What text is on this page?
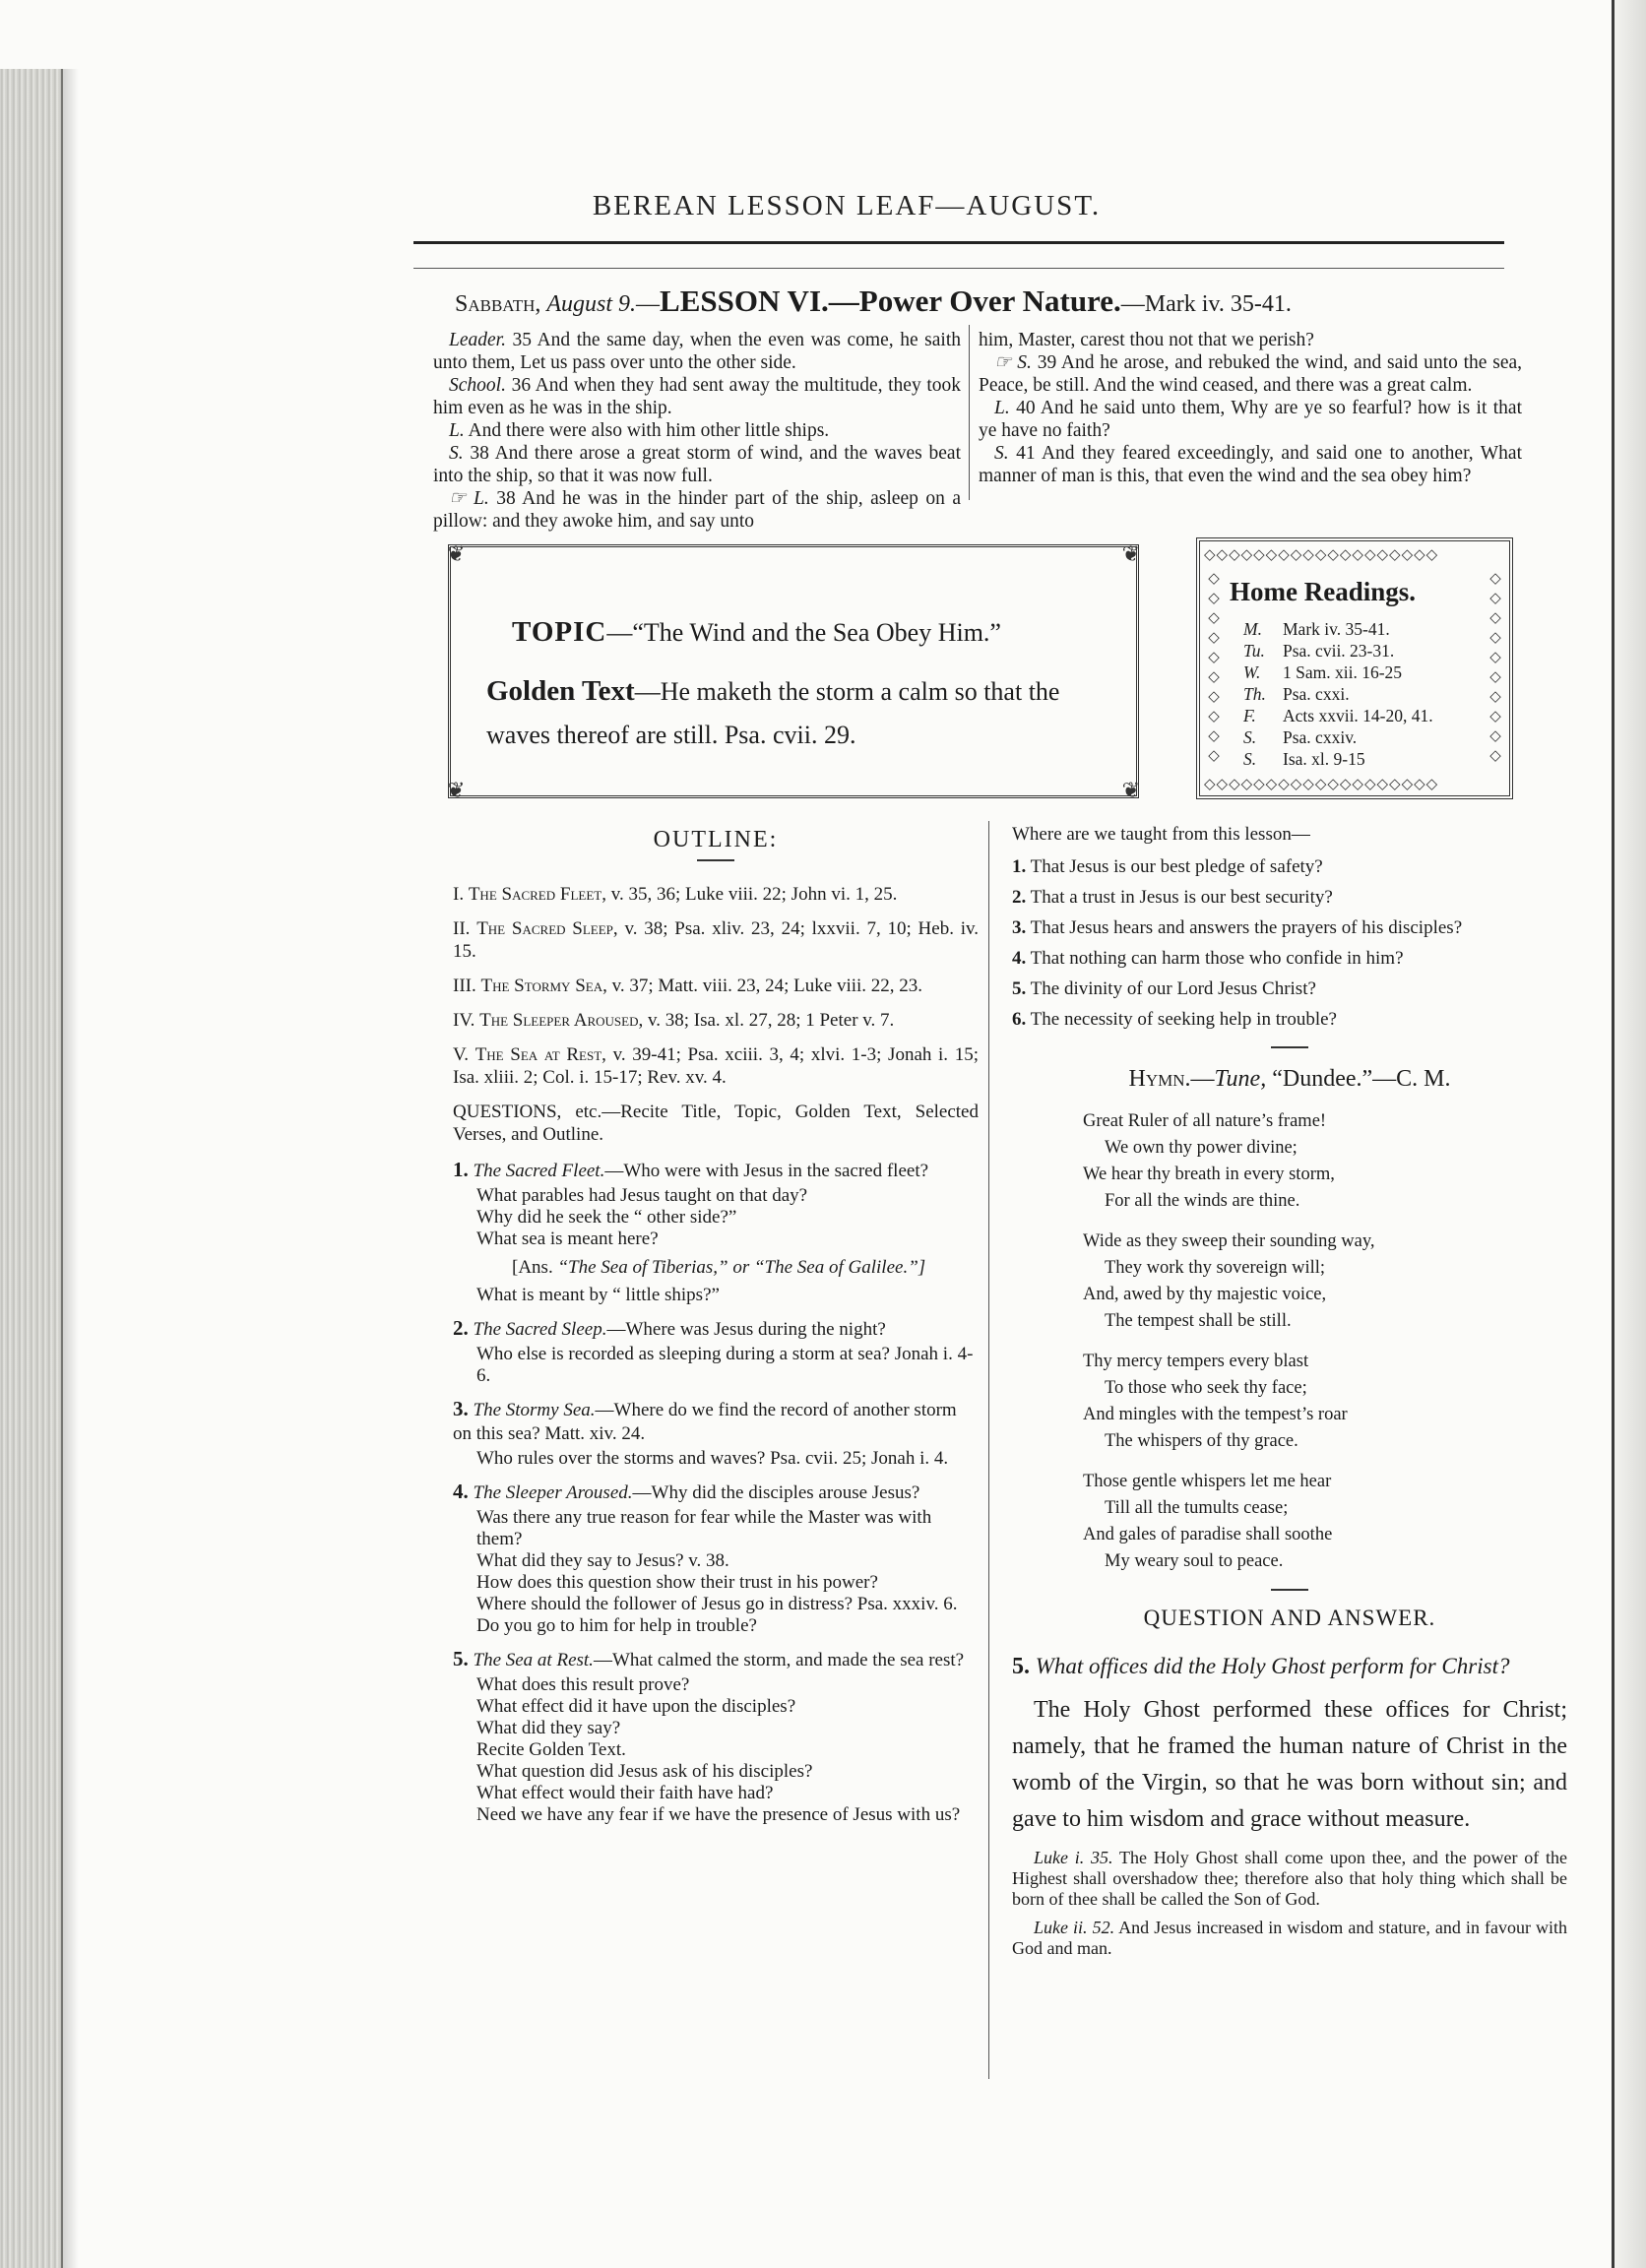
BEREAN LESSON LEAF—AUGUST.
Sabbath, August 9.—LESSON VI.—Power Over Nature.—Mark iv. 35-41.

Leader. 35 And the same day, when the even was come, he saith unto them, Let us pass over unto the other side.

School. 36 And when they had sent away the multitude, they took him even as he was in the ship.

L. And there were also with him other little ships.

S. 38 And there arose a great storm of wind, and the waves beat into the ship, so that it was now full.

☞ L. 38 And he was in the hinder part of the ship, asleep on a pillow: and they awoke him, and say unto

him, Master, carest thou not that we perish?

☞ S. 39 And he arose, and rebuked the wind, and said unto the sea, Peace, be still. And the wind ceased, and there was a great calm.

L. 40 And he said unto them, Why are ye so fearful? how is it that ye have no faith?

S. 41 And they feared exceedingly, and said one to another, What manner of man is this, that even the wind and the sea obey him?

❦	❦
❦	❦
TOPIC—“The Wind and the Sea Obey Him.”
Golden Text—He maketh the storm a calm so that the waves thereof are still. Psa. cvii. 29.
◇◇◇◇◇◇◇◇◇◇◇◇◇◇◇◇◇◇◇
◇◇◇◇◇◇◇◇◇◇◇◇◇◇◇◇◇◇◇
◇
◇
◇
◇
◇
◇
◇
◇
◇
◇
◇
◇
◇
◇
◇
◇
◇
◇
◇
◇
Home Readings.
M. Mark iv. 35-41.
Tu. Psa. cvii. 23-31.
W. 1 Sam. xii. 16-25
Th. Psa. cxxi.
F. Acts xxvii. 14-20, 41.
S. Psa. cxxiv.
S. Isa. xl. 9-15
OUTLINE:
I. The Sacred Fleet, v. 35, 36; Luke viii. 22; John vi. 1, 25.
II. The Sacred Sleep, v. 38; Psa. xliv. 23, 24; lxxvii. 7, 10; Heb. iv. 15.
III. The Stormy Sea, v. 37; Matt. viii. 23, 24; Luke viii. 22, 23.
IV. The Sleeper Aroused, v. 38; Isa. xl. 27, 28; 1 Peter v. 7.
V. The Sea at Rest, v. 39-41; Psa. xciii. 3, 4; xlvi. 1-3; Jonah i. 15; Isa. xliii. 2; Col. i. 15-17; Rev. xv. 4.
QUESTIONS, etc.—Recite Title, Topic, Golden Text, Selected Verses, and Outline.
1. The Sacred Fleet.—Who were with Jesus in the sacred fleet?
What parables had Jesus taught on that day?
Why did he seek the “ other side?”
What sea is meant here?
[Ans. “The Sea of Tiberias,” or “The Sea of Galilee.”]
What is meant by “ little ships?”
2. The Sacred Sleep.—Where was Jesus during the night?
Who else is recorded as sleeping during a storm at sea? Jonah i. 4-6.
3. The Stormy Sea.—Where do we find the record of another storm on this sea? Matt. xiv. 24.
Who rules over the storms and waves? Psa. cvii. 25; Jonah i. 4.
4. The Sleeper Aroused.—Why did the disciples arouse Jesus?
Was there any true reason for fear while the Master was with them?
What did they say to Jesus? v. 38.
How does this question show their trust in his power?
Where should the follower of Jesus go in distress? Psa. xxxiv. 6.
Do you go to him for help in trouble?
5. The Sea at Rest.—What calmed the storm, and made the sea rest?
What does this result prove?
What effect did it have upon the disciples?
What did they say?
Recite Golden Text.
What question did Jesus ask of his disciples?
What effect would their faith have had?
Need we have any fear if we have the presence of Jesus with us?
Where are we taught from this lesson—
1. That Jesus is our best pledge of safety?
2. That a trust in Jesus is our best security?
3. That Jesus hears and answers the prayers of his disciples?
4. That nothing can harm those who confide in him?
5. The divinity of our Lord Jesus Christ?
6. The necessity of seeking help in trouble?
Hymn.—Tune, “Dundee.”—C. M.
Great Ruler of all nature’s frame!
We own thy power divine;
We hear thy breath in every storm,
For all the winds are thine.
Wide as they sweep their sounding way,
They work thy sovereign will;
And, awed by thy majestic voice,
The tempest shall be still.
Thy mercy tempers every blast
To those who seek thy face;
And mingles with the tempest’s roar
The whispers of thy grace.
Those gentle whispers let me hear
Till all the tumults cease;
And gales of paradise shall soothe
My weary soul to peace.
QUESTION AND ANSWER.
5. What offices did the Holy Ghost perform for Christ?
The Holy Ghost performed these offices for Christ; namely, that he framed the human nature of Christ in the womb of the Virgin, so that he was born without sin; and gave to him wisdom and grace without measure.
Luke i. 35. The Holy Ghost shall come upon thee, and the power of the Highest shall overshadow thee; therefore also that holy thing which shall be born of thee shall be called the Son of God.
Luke ii. 52. And Jesus increased in wisdom and stature, and in favour with God and man.
